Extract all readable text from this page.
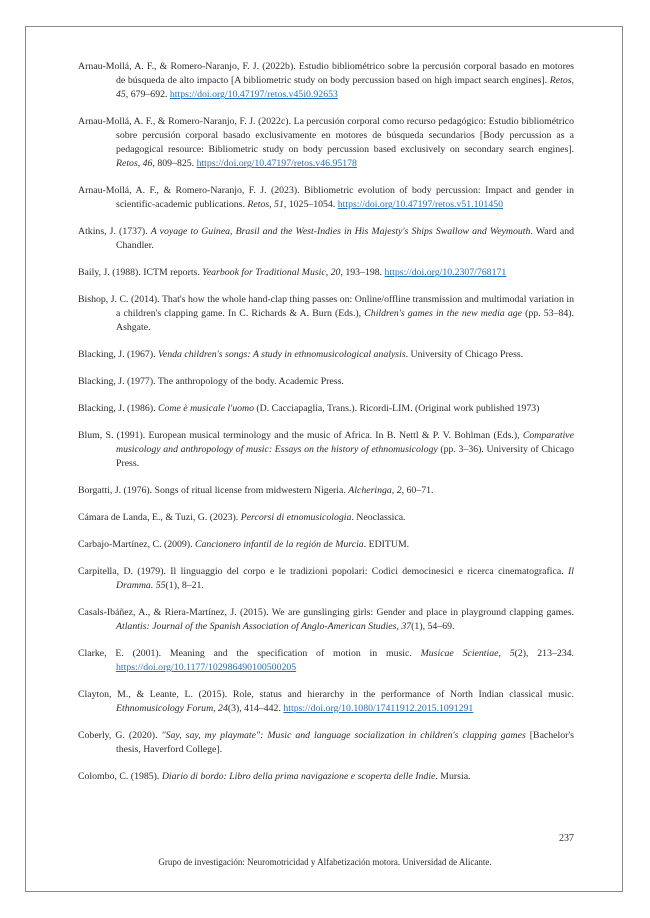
Arnau-Mollá, A. F., & Romero-Naranjo, F. J. (2022b). Estudio bibliométrico sobre la percusión corporal basado en motores de búsqueda de alto impacto [A bibliometric study on body percussion based on high impact search engines]. Retos, 45, 679–692. https://doi.org/10.47197/retos.v45i0.92653

Arnau-Mollá, A. F., & Romero-Naranjo, F. J. (2022c). La percusión corporal como recurso pedagógico: Estudio bibliométrico sobre percusión corporal basado exclusivamente en motores de búsqueda secundarios [Body percussion as a pedagogical resource: Bibliometric study on body percussion based exclusively on secondary search engines]. Retos, 46, 809–825. https://doi.org/10.47197/retos.v46.95178

Arnau-Mollá, A. F., & Romero-Naranjo, F. J. (2023). Bibliometric evolution of body percussion: Impact and gender in scientific-academic publications. Retos, 51, 1025–1054. https://doi.org/10.47197/retos.v51.101450

Atkins, J. (1737). A voyage to Guinea, Brasil and the West-Indies in His Majesty's Ships Swallow and Weymouth. Ward and Chandler.

Baily, J. (1988). ICTM reports. Yearbook for Traditional Music, 20, 193–198. https://doi.org/10.2307/768171

Bishop, J. C. (2014). That's how the whole hand-clap thing passes on: Online/offline transmission and multimodal variation in a children's clapping game. In C. Richards & A. Burn (Eds.), Children's games in the new media age (pp. 53–84). Ashgate.

Blacking, J. (1967). Venda children's songs: A study in ethnomusicological analysis. University of Chicago Press.

Blacking, J. (1977). The anthropology of the body. Academic Press.

Blacking, J. (1986). Come è musicale l'uomo (D. Cacciapaglia, Trans.). Ricordi-LIM. (Original work published 1973)

Blum, S. (1991). European musical terminology and the music of Africa. In B. Nettl & P. V. Bohlman (Eds.), Comparative musicology and anthropology of music: Essays on the history of ethnomusicology (pp. 3–36). University of Chicago Press.

Borgatti, J. (1976). Songs of ritual license from midwestern Nigeria. Alcheringa, 2, 60–71.

Cámara de Landa, E., & Tuzi, G. (2023). Percorsi di etnomusicologia. Neoclassica.

Carbajo-Martínez, C. (2009). Cancionero infantil de la región de Murcia. EDITUM.

Carpitella, D. (1979). Il linguaggio del corpo e le tradizioni popolari: Codici democinesici e ricerca cinematografica. Il Dramma. 55(1), 8–21.

Casals-Ibáñez, A., & Riera-Martínez, J. (2015). We are gunslinging girls: Gender and place in playground clapping games. Atlantis: Journal of the Spanish Association of Anglo-American Studies, 37(1), 54–69.

Clarke, E. (2001). Meaning and the specification of motion in music. Musicae Scientiae, 5(2), 213–234. https://doi.org/10.1177/102986490100500205

Clayton, M., & Leante, L. (2015). Role, status and hierarchy in the performance of North Indian classical music. Ethnomusicology Forum, 24(3), 414–442. https://doi.org/10.1080/17411912.2015.1091291

Coberly, G. (2020). "Say, say, my playmate": Music and language socialization in children's clapping games [Bachelor's thesis, Haverford College].

Colombo, C. (1985). Diario di bordo: Libro della prima navigazione e scoperta delle Indie. Mursia.

237
Grupo de investigación: Neuromotricidad y Alfabetización motora. Universidad de Alicante.
